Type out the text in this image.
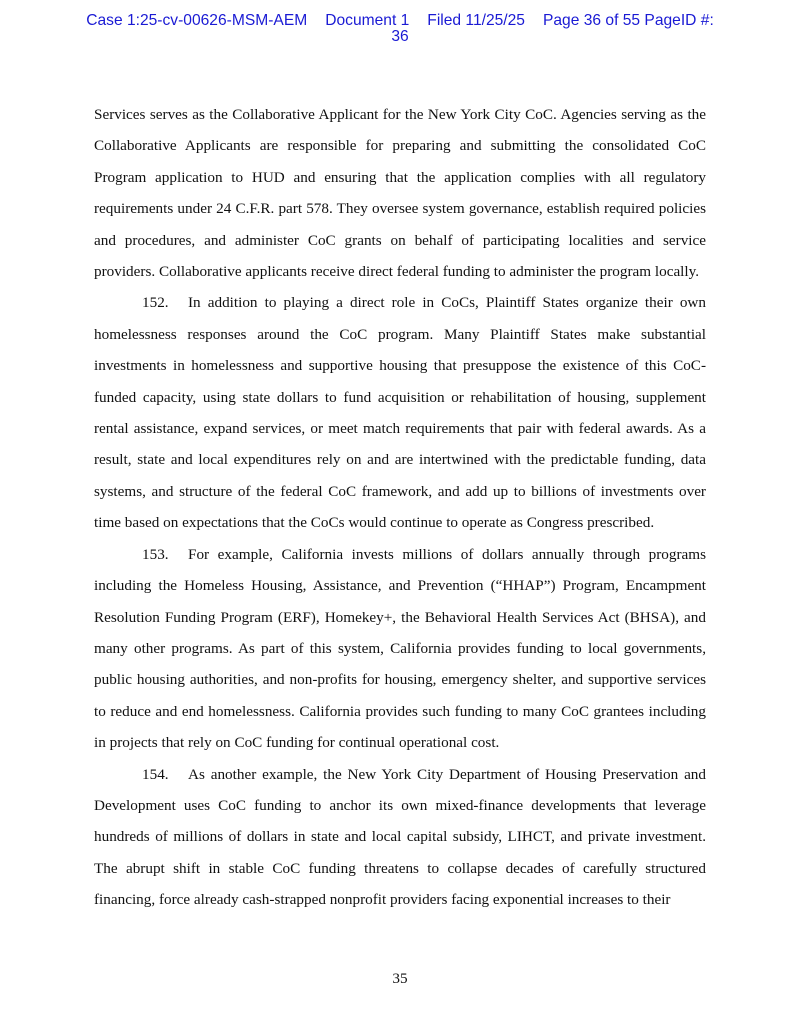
Case 1:25-cv-00626-MSM-AEM Document 1 Filed 11/25/25 Page 36 of 55 PageID #:
36

Services serves as the Collaborative Applicant for the New York City CoC. Agencies serving as the Collaborative Applicants are responsible for preparing and submitting the consolidated CoC Program application to HUD and ensuring that the application complies with all regulatory requirements under 24 C.F.R. part 578. They oversee system governance, establish required policies and procedures, and administer CoC grants on behalf of participating localities and service providers. Collaborative applicants receive direct federal funding to administer the program locally.

152. In addition to playing a direct role in CoCs, Plaintiff States organize their own homelessness responses around the CoC program. Many Plaintiff States make substantial investments in homelessness and supportive housing that presuppose the existence of this CoC-funded capacity, using state dollars to fund acquisition or rehabilitation of housing, supplement rental assistance, expand services, or meet match requirements that pair with federal awards. As a result, state and local expenditures rely on and are intertwined with the predictable funding, data systems, and structure of the federal CoC framework, and add up to billions of investments over time based on expectations that the CoCs would continue to operate as Congress prescribed.

153. For example, California invests millions of dollars annually through programs including the Homeless Housing, Assistance, and Prevention (“HHAP”) Program, Encampment Resolution Funding Program (ERF), Homekey+, the Behavioral Health Services Act (BHSA), and many other programs. As part of this system, California provides funding to local governments, public housing authorities, and non-profits for housing, emergency shelter, and supportive services to reduce and end homelessness. California provides such funding to many CoC grantees including in projects that rely on CoC funding for continual operational cost.

154. As another example, the New York City Department of Housing Preservation and Development uses CoC funding to anchor its own mixed-finance developments that leverage hundreds of millions of dollars in state and local capital subsidy, LIHCT, and private investment. The abrupt shift in stable CoC funding threatens to collapse decades of carefully structured financing, force already cash-strapped nonprofit providers facing exponential increases to their

35
